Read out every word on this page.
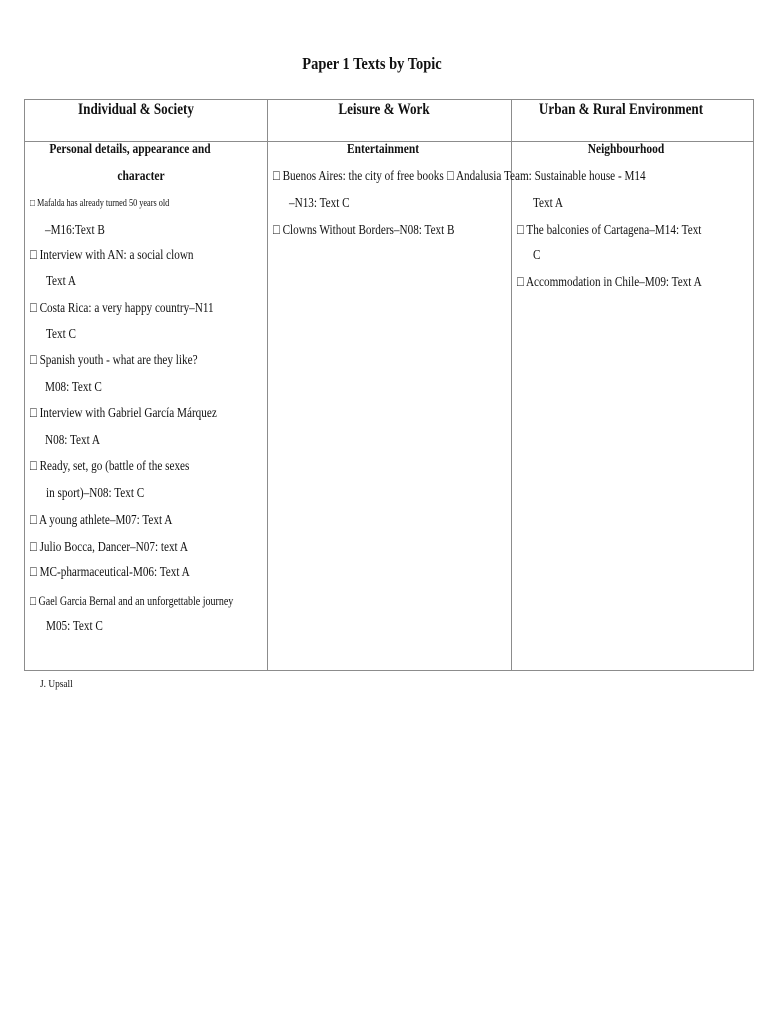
Paper 1 Texts by Topic
Individual & Society	Leisure & Work	Urban & Rural Environment
Personal details, appearance and
character
□ Mafalda has already turned 50 years old
–M16:Text B
□ Interview with AN: a social clown
Text A
□ Costa Rica: a very happy country–N11
Text C
□ Spanish youth - what are they like?
M08: Text C
□ Interview with Gabriel García Márquez
N08: Text A
□ Ready, set, go (battle of the sexes
in sport)–N08: Text C
□ A young athlete–M07: Text A
□ Julio Bocca, Dancer–N07: text A
□ MC-pharmaceutical-M06: Text A
□ Gael Garcia Bernal and an unforgettable journey
M05: Text C
Entertainment
□ Buenos Aires: the city of free books
–N13: Text C
□ Clowns Without Borders–N08: Text B
Neighbourhood
□ Andalusia Team: Sustainable house - M14
Text A
□ The balconies of Cartagena–M14: Text
C
□ Accommodation in Chile–M09: Text A
J. Upsall
